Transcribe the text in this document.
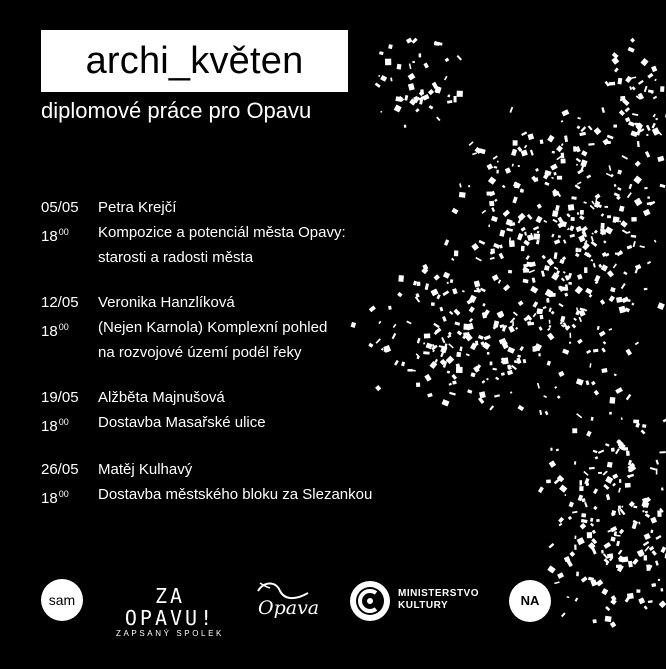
archi_květen
diplomové práce pro Opavu
05/05	Petra Krejčí
$18^{00}$	Kompozice a potenciál města Opavy:
starosti a radosti města
12/05	Veronika Hanzlíková
$18^{00}$	(Nejen Karnola) Komplexní pohled
na rozvojové území podél řeky
19/05	Alžběta Majnušová
$18^{00}$	Dostavba Masařské ulice
26/05	Matěj Kulhavý
$18^{00}$	Dostavba městského bloku za Slezankou
sam	ZA OPAVU!
ZAPSANÝ SPOLEK
Opava
MINISTERSTVO
KULTURY	NA
